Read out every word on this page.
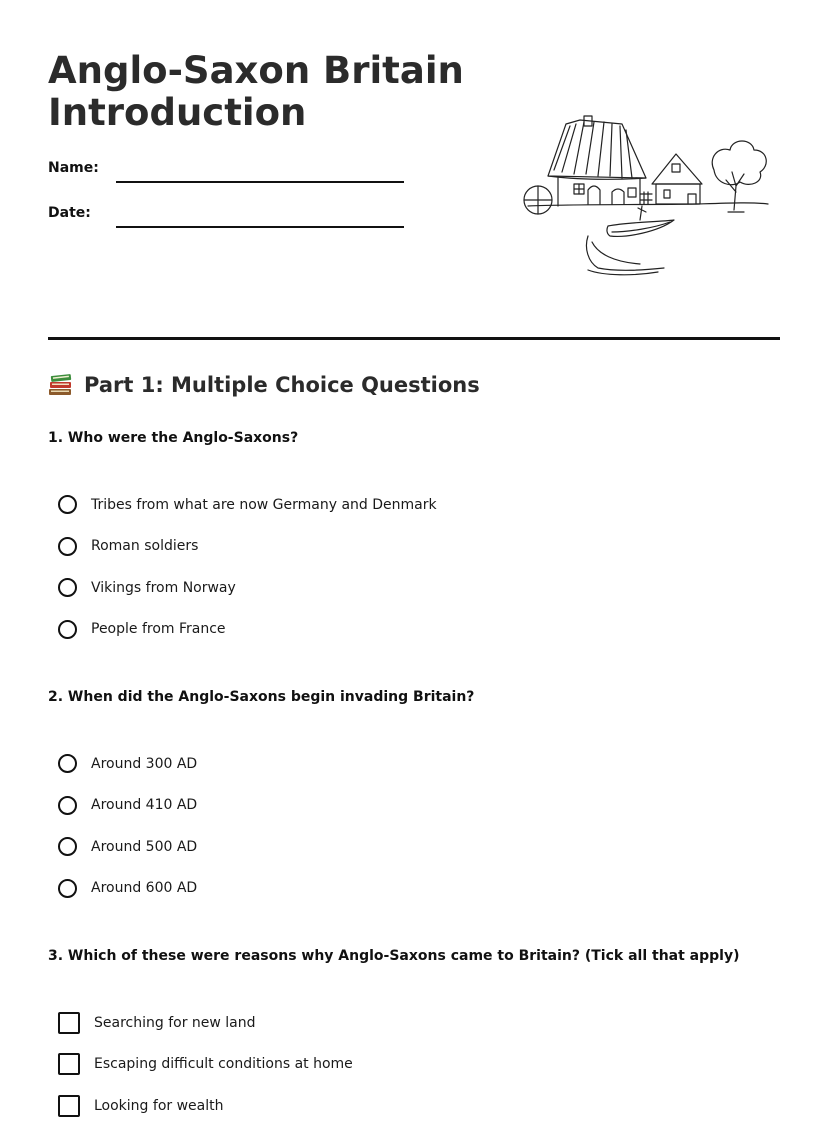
Anglo-Saxon Britain
Introduction
Name:
Date:
Part 1: Multiple Choice Questions

1. Who were the Anglo-Saxons?

Tribes from what are now Germany and Denmark
Roman soldiers
Vikings from Norway
People from France

2. When did the Anglo-Saxons begin invading Britain?

Around 300 AD
Around 410 AD
Around 500 AD
Around 600 AD

3. Which of these were reasons why Anglo-Saxons came to Britain? (Tick all that apply)

Searching for new land
Escaping difficult conditions at home
Looking for wealth
